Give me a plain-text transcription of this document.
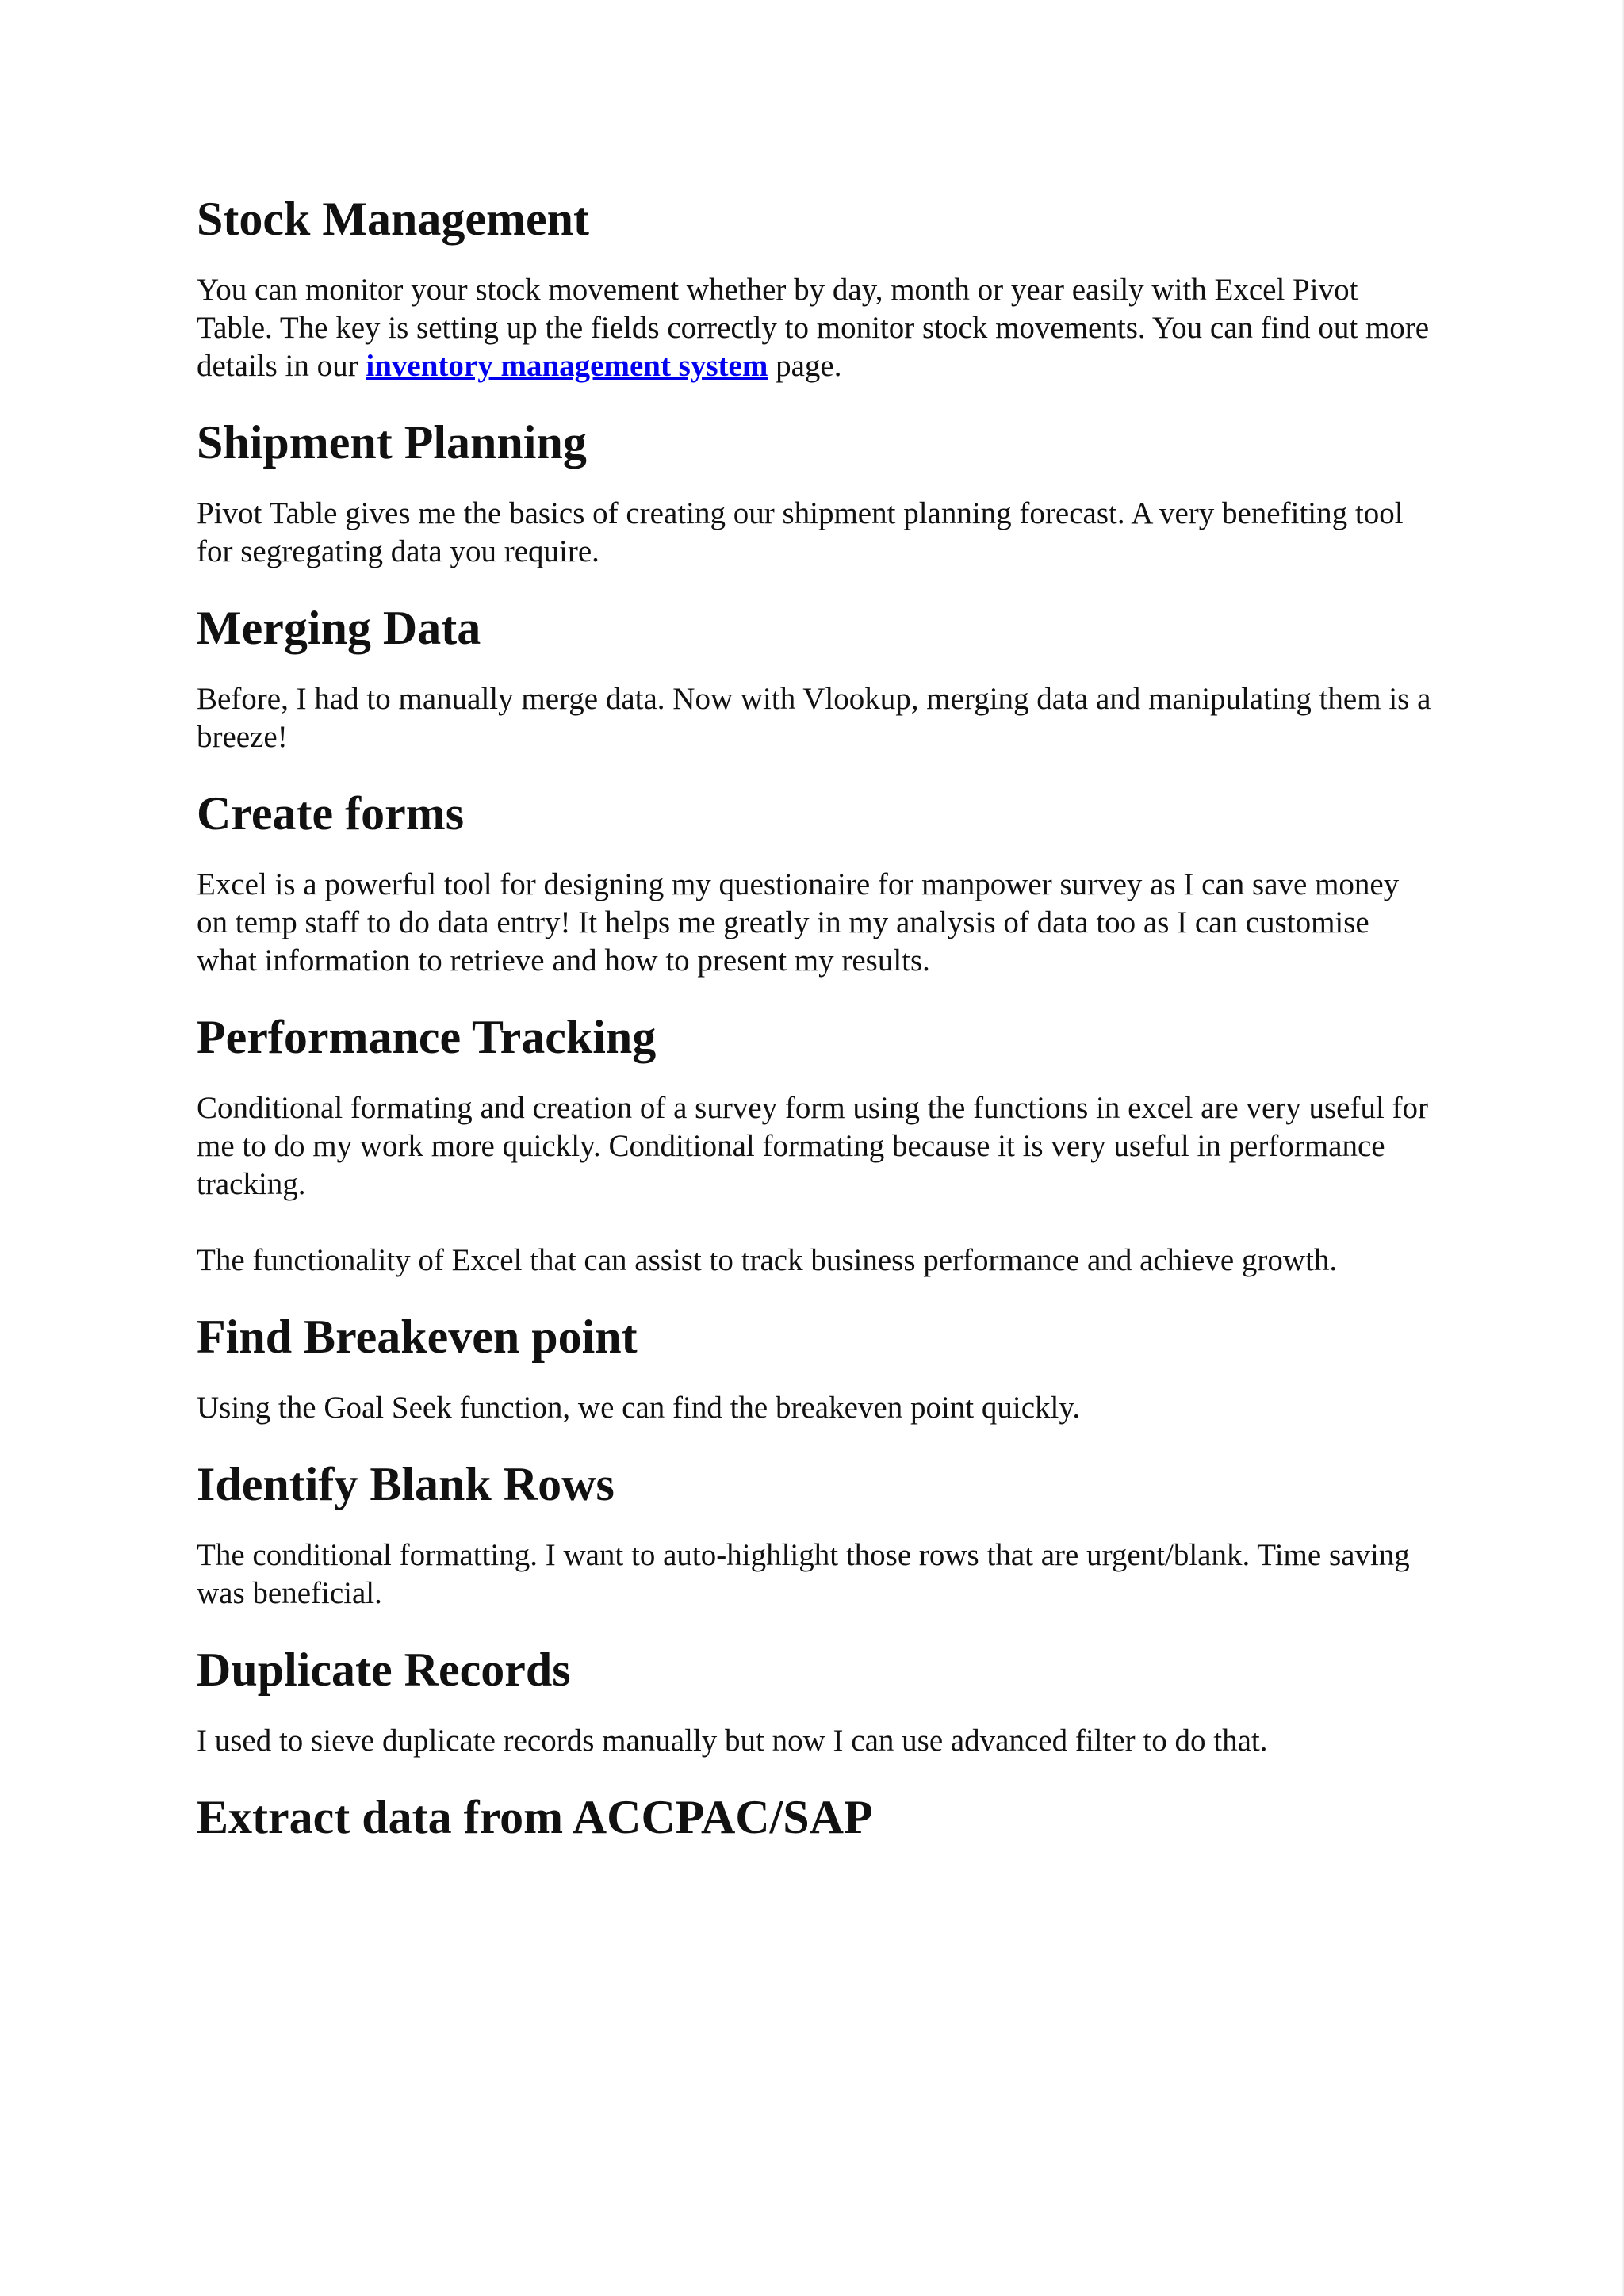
Stock Management

You can monitor your stock movement whether by day, month or year easily with Excel Pivot Table. The key is setting up the fields correctly to monitor stock movements. You can find out more details in our inventory management system page.

Shipment Planning

Pivot Table gives me the basics of creating our shipment planning forecast. A very benefiting tool for segregating data you require.

Merging Data

Before, I had to manually merge data. Now with Vlookup, merging data and manipulating them is a breeze!

Create forms

Excel is a powerful tool for designing my questionaire for manpower survey as I can save money on temp staff to do data entry! It helps me greatly in my analysis of data too as I can customise what information to retrieve and how to present my results.

Performance Tracking

Conditional formating and creation of a survey form using the functions in excel are very useful for me to do my work more quickly. Conditional formating because it is very useful in performance tracking.

The functionality of Excel that can assist to track business performance and achieve growth.

Find Breakeven point

Using the Goal Seek function, we can find the breakeven point quickly.

Identify Blank Rows

The conditional formatting. I want to auto-highlight those rows that are urgent/blank. Time saving was beneficial.

Duplicate Records

I used to sieve duplicate records manually but now I can use advanced filter to do that.

Extract data from ACCPAC/SAP
